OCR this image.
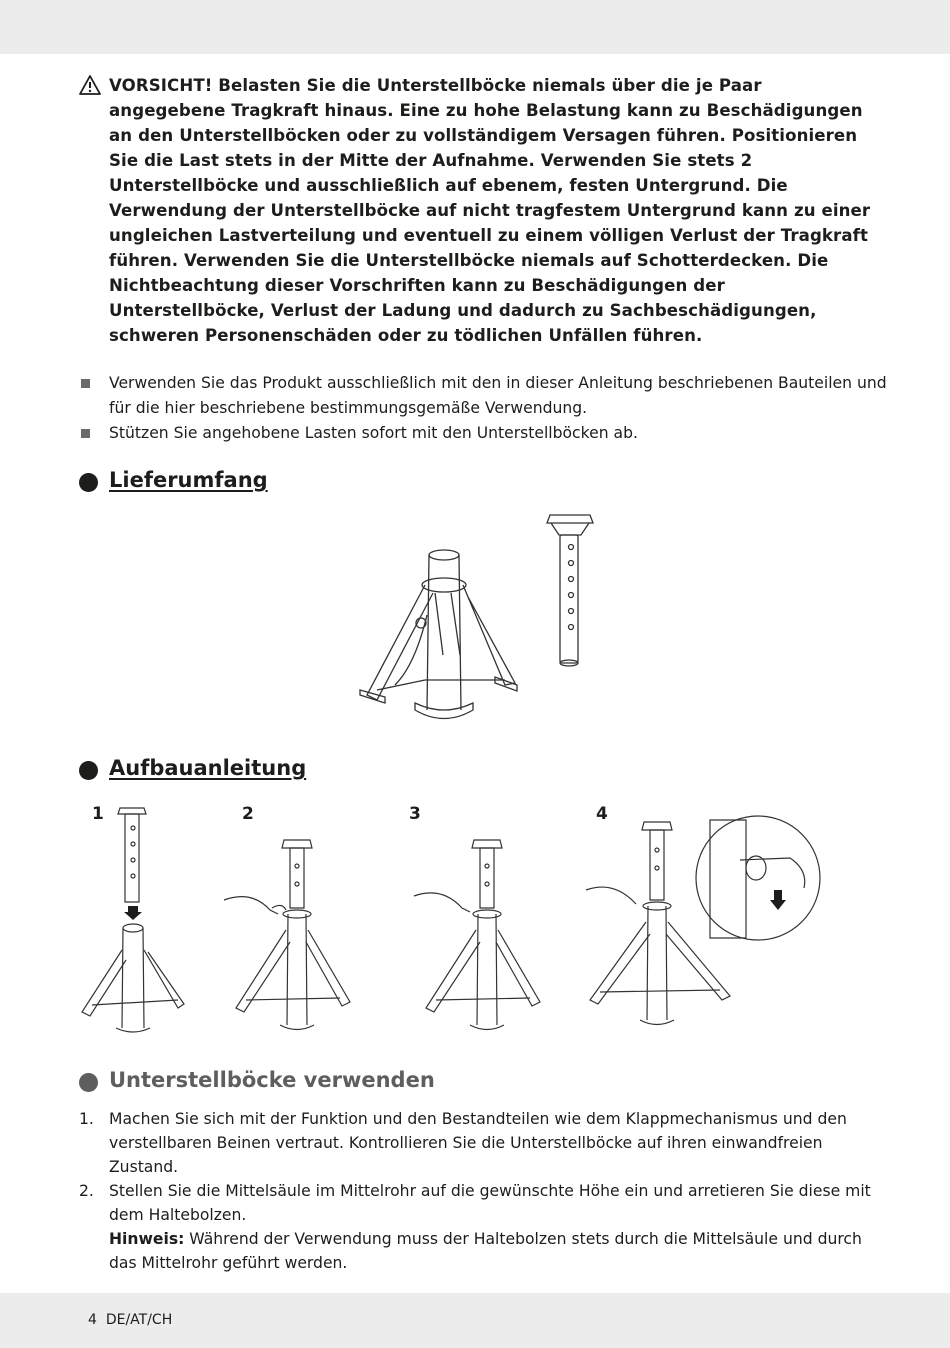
VORSICHT! Belasten Sie die Unterstellböcke niemals über die je Paar angegebene Tragkraft hinaus. Eine zu hohe Belastung kann zu Beschädigungen an den Unterstellböcken oder zu vollständigem Versagen führen. Positionieren Sie die Last stets in der Mitte der Aufnahme. Verwenden Sie stets 2 Unterstellböcke und ausschließlich auf ebenem, festen Untergrund. Die Verwendung der Unterstellböcke auf nicht tragfestem Untergrund kann zu einer ungleichen Lastverteilung und eventuell zu einem völligen Verlust der Tragkraft führen. Verwenden Sie die Unterstellböcke niemals auf Schotterdecken. Die Nichtbeachtung dieser Vorschriften kann zu Beschädigungen der Unterstellböcke, Verlust der Ladung und dadurch zu Sachbeschädigungen, schweren Personenschäden oder zu tödlichen Unfällen führen.

Verwenden Sie das Produkt ausschließlich mit den in dieser Anleitung beschriebenen Bauteilen und für die hier beschriebene bestimmungsgemäße Verwendung.

Stützen Sie angehobene Lasten sofort mit den Unterstellböcken ab.

Lieferumfang
Aufbauanleitung
1	2	3	4
Unterstellböcke verwenden
1. Machen Sie sich mit der Funktion und den Bestandteilen wie dem Klappmechanismus und den verstellbaren Beinen vertraut. Kontrollieren Sie die Unterstellböcke auf ihren einwandfreien Zustand.

2. Stellen Sie die Mittelsäule im Mittelrohr auf die gewünschte Höhe ein und arretieren Sie diese mit dem Haltebolzen.
Hinweis: Während der Verwendung muss der Haltebolzen stets durch die Mittelsäule und durch das Mittelrohr geführt werden.

4 DE/AT/CH
